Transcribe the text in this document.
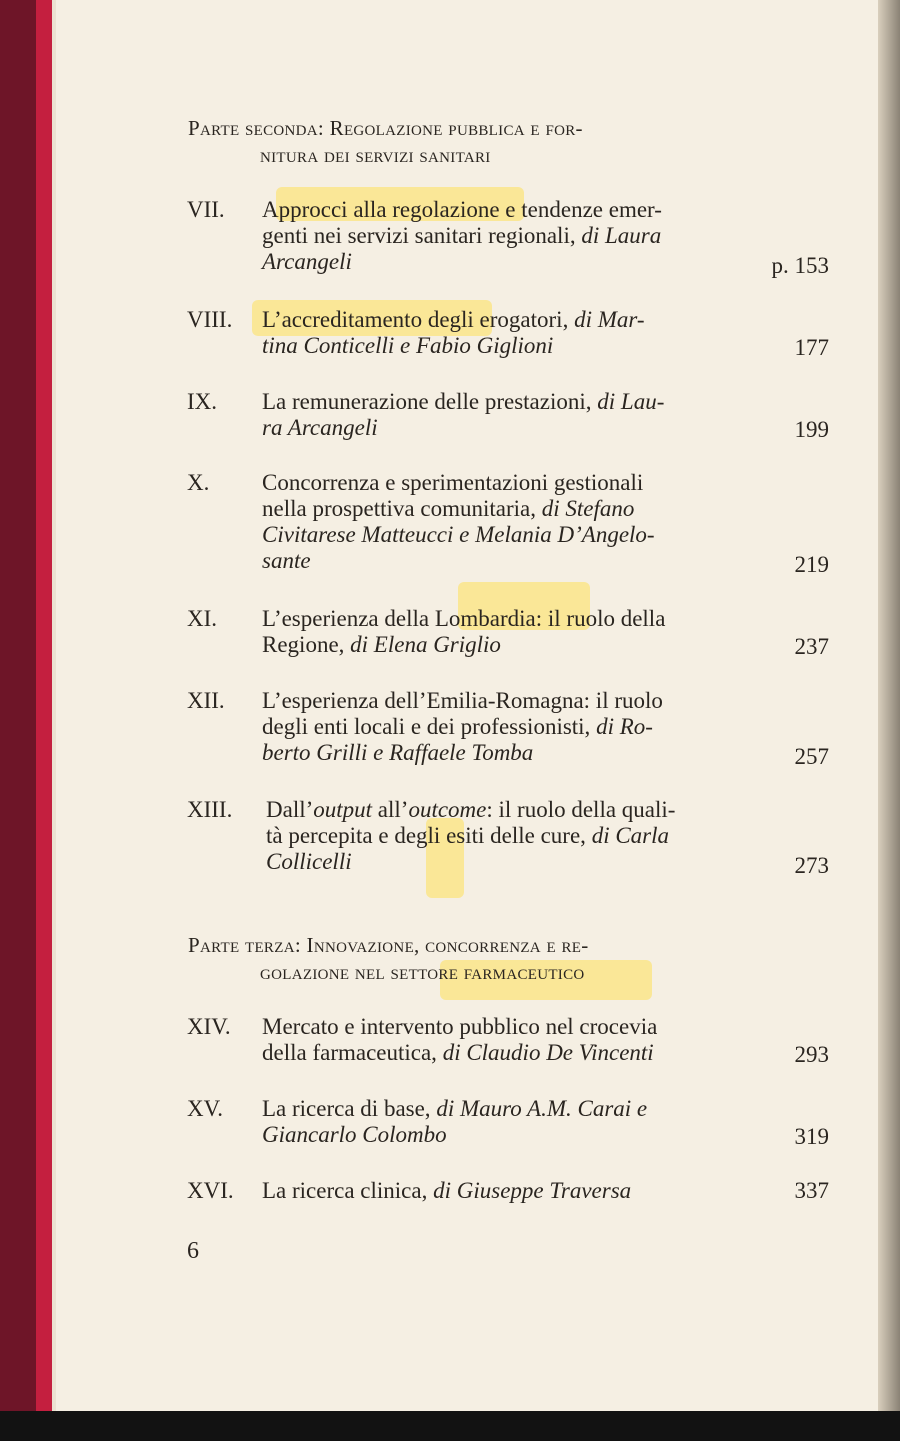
Parte seconda: Regolazione pubblica e for-
nitura dei servizi sanitari
VII. Approcci alla regolazione e tendenze emer-
genti nei servizi sanitari regionali, di Laura
Arcangeli	p. 153
VIII. L’accreditamento degli erogatori, di Mar-
tina Conticelli e Fabio Giglioni	177
IX. La remunerazione delle prestazioni, di Lau-
ra Arcangeli	199
X. Concorrenza e sperimentazioni gestionali
nella prospettiva comunitaria, di Stefano
Civitarese Matteucci e Melania D’Angelo-
sante	219
XI. L’esperienza della Lombardia: il ruolo della
Regione, di Elena Griglio	237
XII. L’esperienza dell’Emilia-Romagna: il ruolo
degli enti locali e dei professionisti, di Ro-
berto Grilli e Raffaele Tomba	257
XIII. Dall’output all’outcome: il ruolo della quali-
tà percepita e degli esiti delle cure, di Carla
Collicelli	273
Parte terza: Innovazione, concorrenza e re-
golazione nel settore farmaceutico
XIV. Mercato e intervento pubblico nel crocevia
della farmaceutica, di Claudio De Vincenti	293
XV. La ricerca di base, di Mauro A.M. Carai e
Giancarlo Colombo	319
XVI. La ricerca clinica, di Giuseppe Traversa	337
6
